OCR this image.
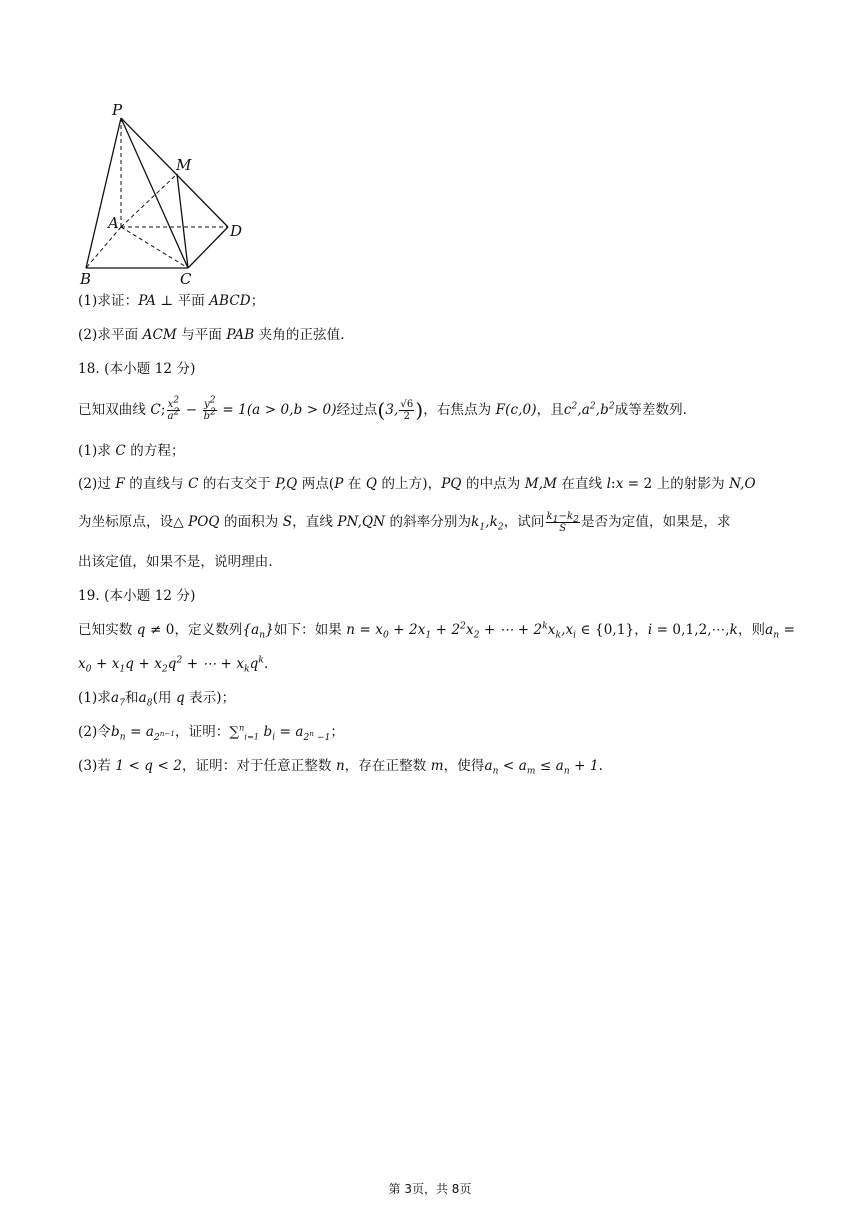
P
M
A	D
B	C
(1)求证：PA ⊥ 平面 ABCD；
(2)求平面 ACM 与平面 PAB 夹角的正弦值.
18. (本小题 12 分)
已知双曲线 C; $\frac{x^2}{a^2} - \frac{y^2}{b^2} = 1(a > 0,b > 0)$经过点(3, $\frac{√6}{2}$ )，右焦点为 F(c,0)，且$c^2,a^2,b^2$成等差数列.
(1)求 C 的方程；
(2)过 F 的直线与 C 的右支交于 P,Q 两点(P 在 Q 的上方)，PQ 的中点为 M,M 在直线 l:x = 2 上的射影为 N,O
为坐标原点，设△ POQ 的面积为 S，直线 PN,QN 的斜率分别为$k_1,k_2$，试问 $\frac{k_1-k_2}{S}$ 是否为定值，如果是，求
出该定值，如果不是，说明理由.
19. (本小题 12 分)
已知实数 q ≠ 0，定义数列$\{a_n\}$如下：如果 $n = x_0 + 2x_1 + 2^2x_2$ + ⋯ + $2^kx_k,x_i$ ∈ {0,1}，i = 0,1,2,⋯,k，则$a_n$ =
$x_0 + x_1q + x_2q^2$ + ⋯ + $x_kq^k$.
(1)求$a_7$和$a_8$(用 q 表示)；
(2)令$b_n = a_{2^{n-1}}$，证明：∑$^n_{i=1}$ $b_i = a_{2^n -1}$；
(3)若 1 < q < 2，证明：对于任意正整数 n，存在正整数 m，使得$a_n < a_m \le a_n + 1$.
第 3页，共 8页
